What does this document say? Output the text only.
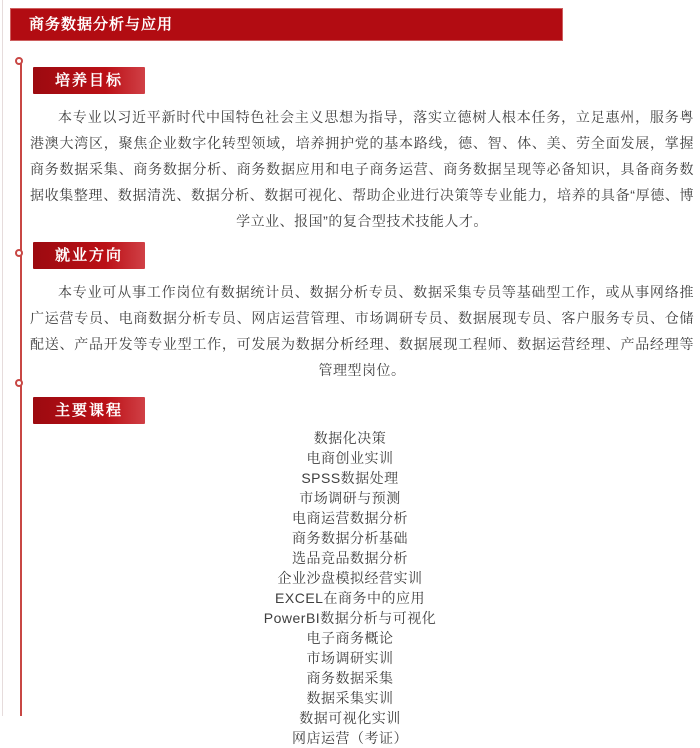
商务数据分析与应用
培养目标

本专业以习近平新时代中国特色社会主义思想为指导，落实立德树人根本任务，立足惠州，服务粤港澳大湾区，聚焦企业数字化转型领域，培养拥护党的基本路线，德、智、体、美、劳全面发展，掌握商务数据采集、商务数据分析、商务数据应用和电子商务运营、商务数据呈现等必备知识，具备商务数据收集整理、数据清洗、数据分析、数据可视化、帮助企业进行决策等专业能力，培养的具备“厚德、博学立业、报国”的复合型技术技能人才。

就业方向

本专业可从事工作岗位有数据统计员、数据分析专员、数据采集专员等基础型工作，或从事网络推广运营专员、电商数据分析专员、网店运营管理、市场调研专员、数据展现专员、客户服务专员、仓储配送、产品开发等专业型工作，可发展为数据分析经理、数据展现工程师、数据运营经理、产品经理等管理型岗位。

主要课程
数据化决策
电商创业实训
SPSS数据处理
市场调研与预测
电商运营数据分析
商务数据分析基础
选品竞品数据分析
企业沙盘模拟经营实训
EXCEL在商务中的应用
PowerBI数据分析与可视化
电子商务概论
市场调研实训
商务数据采集
数据采集实训
数据可视化实训
网店运营（考证）
